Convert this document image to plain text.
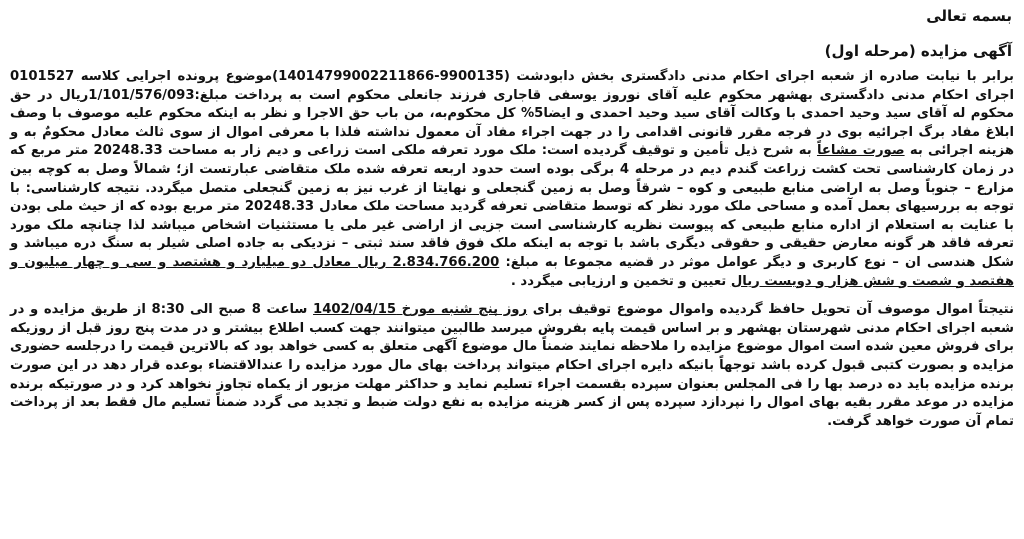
بسمه تعالی
آگهی مزایده (مرحله اول)

برابر با نیابت صادره از شعبه اجرای احکام مدنی دادگستری بخش دابودشت (9900135-14014799002211866)موضوع پرونده اجرایی کلاسه 0101527 اجرای احکام مدنی دادگستری بهشهر محکوم علیه آقای نوروز یوسفی قاجاری فرزند جانعلی محکوم است به پرداخت مبلغ:1/101/576/093ریال در حق محکوم له آقای سید وحید احمدی با وکالت آقای سید وحید احمدی و ایضا5% کل محکوم‌به، من باب حق الاجرا و نظر به اینکه محکوم علیه موصوف با وصف ابلاغ مفاد برگ اجرائیه بوی در فرجه مقرر قانونی اقدامی را در جهت اجراء مفاد آن معمول نداشته فلذا با معرفی اموال از سوی ثالث معادل محکومٌ به و هزینه اجرائی به صورت مشاعاً به شرح ذیل تأمین و توقیف گردیده است: ملک مورد تعرفه ملکی است زراعی و دیم زار به مساحت 20248.33 متر مربع که در زمان کارشناسی تحت کشت زراعت گندم دیم در مرحله 4 برگی بوده است حدود اربعه تعرفه شده ملک متقاضی عبارتست از؛ شمالاً وصل به کوچه بین مزارع – جنوباً وصل به اراضی منابع طبیعی و کوه – شرقاً وصل به زمین گنجعلی و نهایتا از غرب نیز به زمین گنجعلی متصل میگردد. نتیجه کارشناسی: با توجه به بررسیهای بعمل آمده و مساحی ملک مورد نظر که توسط متقاضی تعرفه گردید مساحت ملک معادل 20248.33 متر مربع بوده که از حیث ملی بودن با عنایت به استعلام از اداره منابع طبیعی که پیوست نظریه کارشناسی است جزیی از اراضی غیر ملی یا مستثنیات اشخاص میباشد لذا چنانچه ملک مورد تعرفه فاقد هر گونه معارض حقیقی و حقوقی دیگری باشد با توجه به اینکه ملک فوق فاقد سند ثبتی – نزدیکی به جاده اصلی شیلر به سنگ دره میباشد و شکل هندسی ان – نوع کاربری و دیگر عوامل موثر در قضیه مجموعا به مبلغ: 2.834.766.200 ریال معادل دو میلیارد و هشتصد و سی و چهار میلیون و هفتصد و شصت و شش هزار و دویست ریال تعیین و تخمین و ارزیابی میگردد .

نتیجتاً اموال موصوف آن تحویل حافظ گردیده واموال موضوع توقیف برای روز پنج شنبه مورخ 1402/04/15 ساعت 8 صبح الی 8:30 از طریق مزایده و در شعبه اجرای احکام مدنی شهرستان بهشهر و بر اساس قیمت پایه بفروش میرسد طالبین میتوانند جهت کسب اطلاع بیشتر و در مدت پنج روز قبل از روزیکه برای فروش معین شده است اموال موضوع مزایده را ملاحظه نمایند ضمناً مال موضوع آگهی متعلق به کسی خواهد بود که بالاترین قیمت را درجلسه حضوری مزایده و بصورت کتبی قبول کرده باشد توجهاً بانیکه دایره اجرای احکام میتواند پرداخت بهای مال مورد مزایده را عندالاقتضاء بوعده قرار دهد در این صورت برنده مزایده باید ده درصد بها را فی المجلس بعنوان سپرده بقسمت اجراء تسلیم نماید و حداکثر مهلت مزبور از یکماه تجاوز نخواهد کرد و در صورتیکه برنده مزایده در موعد مقرر بقیه بهای اموال را نپردازد سپرده پس از کسر هزینه مزایده به نفع دولت ضبط و تجدید می گردد ضمناً تسلیم مال فقط بعد از پرداخت تمام آن صورت خواهد گرفت.
